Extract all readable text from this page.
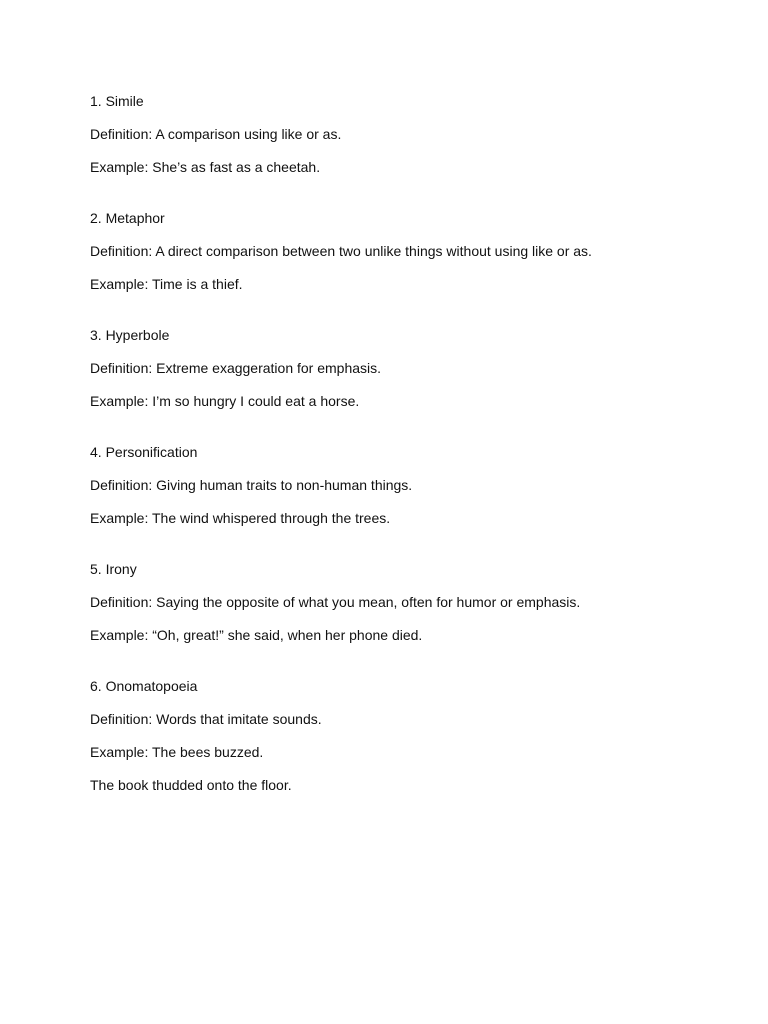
1. Simile
Definition: A comparison using like or as.
Example: She’s as fast as a cheetah.
2. Metaphor
Definition: A direct comparison between two unlike things without using like or as.
Example: Time is a thief.
3. Hyperbole
Definition: Extreme exaggeration for emphasis.
Example: I’m so hungry I could eat a horse.
4. Personification
Definition: Giving human traits to non-human things.
Example: The wind whispered through the trees.
5. Irony
Definition: Saying the opposite of what you mean, often for humor or emphasis.
Example: “Oh, great!” she said, when her phone died.
6. Onomatopoeia
Definition: Words that imitate sounds.
Example: The bees buzzed.
The book thudded onto the floor.
